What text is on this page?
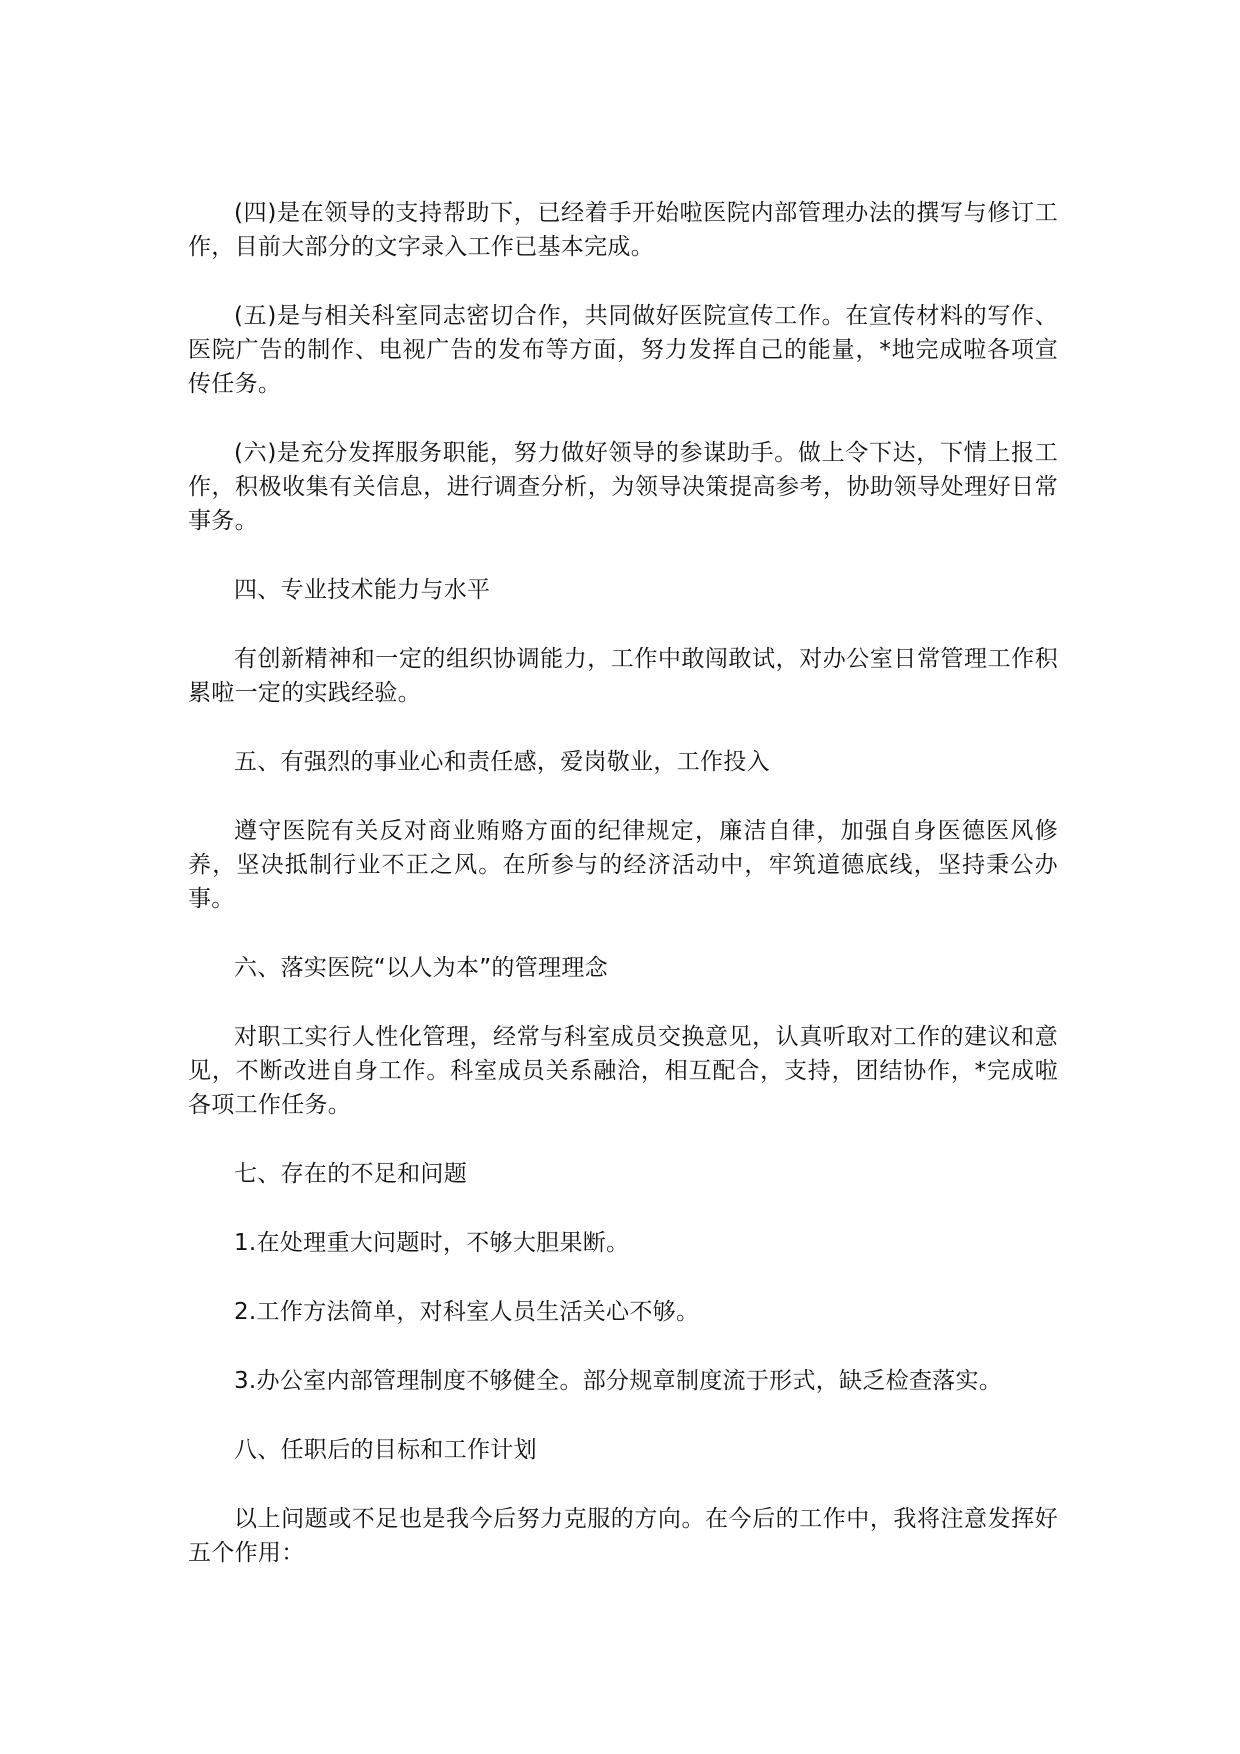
(四)是在领导的支持帮助下，已经着手开始啦医院内部管理办法的撰写与修订工作，目前大部分的文字录入工作已基本完成。

(五)是与相关科室同志密切合作，共同做好医院宣传工作。在宣传材料的写作、医院广告的制作、电视广告的发布等方面，努力发挥自己的能量，*地完成啦各项宣传任务。

(六)是充分发挥服务职能，努力做好领导的参谋助手。做上令下达，下情上报工作，积极收集有关信息，进行调查分析，为领导决策提高参考，协助领导处理好日常事务。

四、专业技术能力与水平

有创新精神和一定的组织协调能力，工作中敢闯敢试，对办公室日常管理工作积累啦一定的实践经验。

五、有强烈的事业心和责任感，爱岗敬业，工作投入

遵守医院有关反对商业贿赂方面的纪律规定，廉洁自律，加强自身医德医风修养，坚决抵制行业不正之风。在所参与的经济活动中，牢筑道德底线，坚持秉公办事。

六、落实医院“以人为本”的管理理念

对职工实行人性化管理，经常与科室成员交换意见，认真听取对工作的建议和意见，不断改进自身工作。科室成员关系融洽，相互配合，支持，团结协作，*完成啦各项工作任务。

七、存在的不足和问题

1.在处理重大问题时，不够大胆果断。

2.工作方法简单，对科室人员生活关心不够。

3.办公室内部管理制度不够健全。部分规章制度流于形式，缺乏检查落实。

八、任职后的目标和工作计划

以上问题或不足也是我今后努力克服的方向。在今后的工作中，我将注意发挥好五个作用：
